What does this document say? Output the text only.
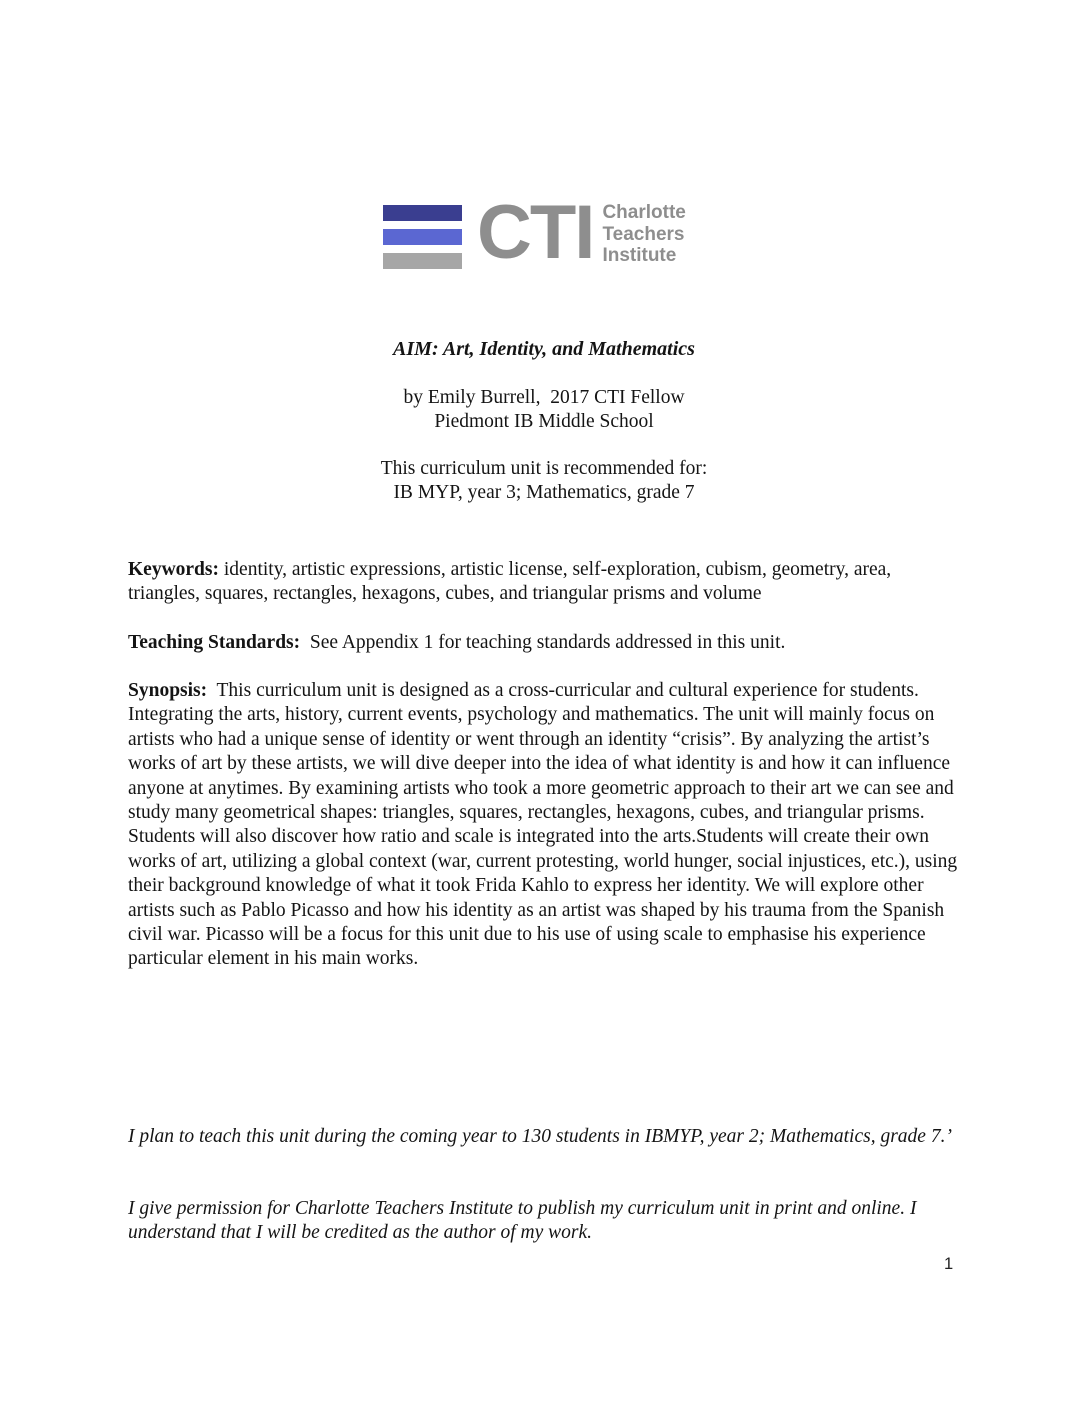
CTI Charlotte
Teachers
Institute
AIM: Art, Identity, and Mathematics
by Emily Burrell,  2017 CTI Fellow
Piedmont IB Middle School
This curriculum unit is recommended for:
IB MYP, year 3; Mathematics, grade 7

Keywords: identity, artistic expressions, artistic license, self-exploration, cubism, geometry, area, triangles, squares, rectangles, hexagons, cubes, and triangular prisms and volume

Teaching Standards:  See Appendix 1 for teaching standards addressed in this unit.

Synopsis:  This curriculum unit is designed as a cross-curricular and cultural experience for students. Integrating the arts, history, current events, psychology and mathematics. The unit will mainly focus on artists who had a unique sense of identity or went through an identity “crisis”. By analyzing the artist’s works of art by these artists, we will dive deeper into the idea of what identity is and how it can influence anyone at anytimes. By examining artists who took a more geometric approach to their art we can see and study many geometrical shapes: triangles, squares, rectangles, hexagons, cubes, and triangular prisms. Students will also discover how ratio and scale is integrated into the arts.Students will create their own works of art, utilizing a global context (war, current protesting, world hunger, social injustices, etc.), using their background knowledge of what it took Frida Kahlo to express her identity. We will explore other artists such as Pablo Picasso and how his identity as an artist was shaped by his trauma from the Spanish civil war. Picasso will be a focus for this unit due to his use of using scale to emphasise his experience particular element in his main works.

I plan to teach this unit during the coming year to 130 students in IBMYP, year 2; Mathematics, grade 7.’

I give permission for Charlotte Teachers Institute to publish my curriculum unit in print and online. I understand that I will be credited as the author of my work.

1
